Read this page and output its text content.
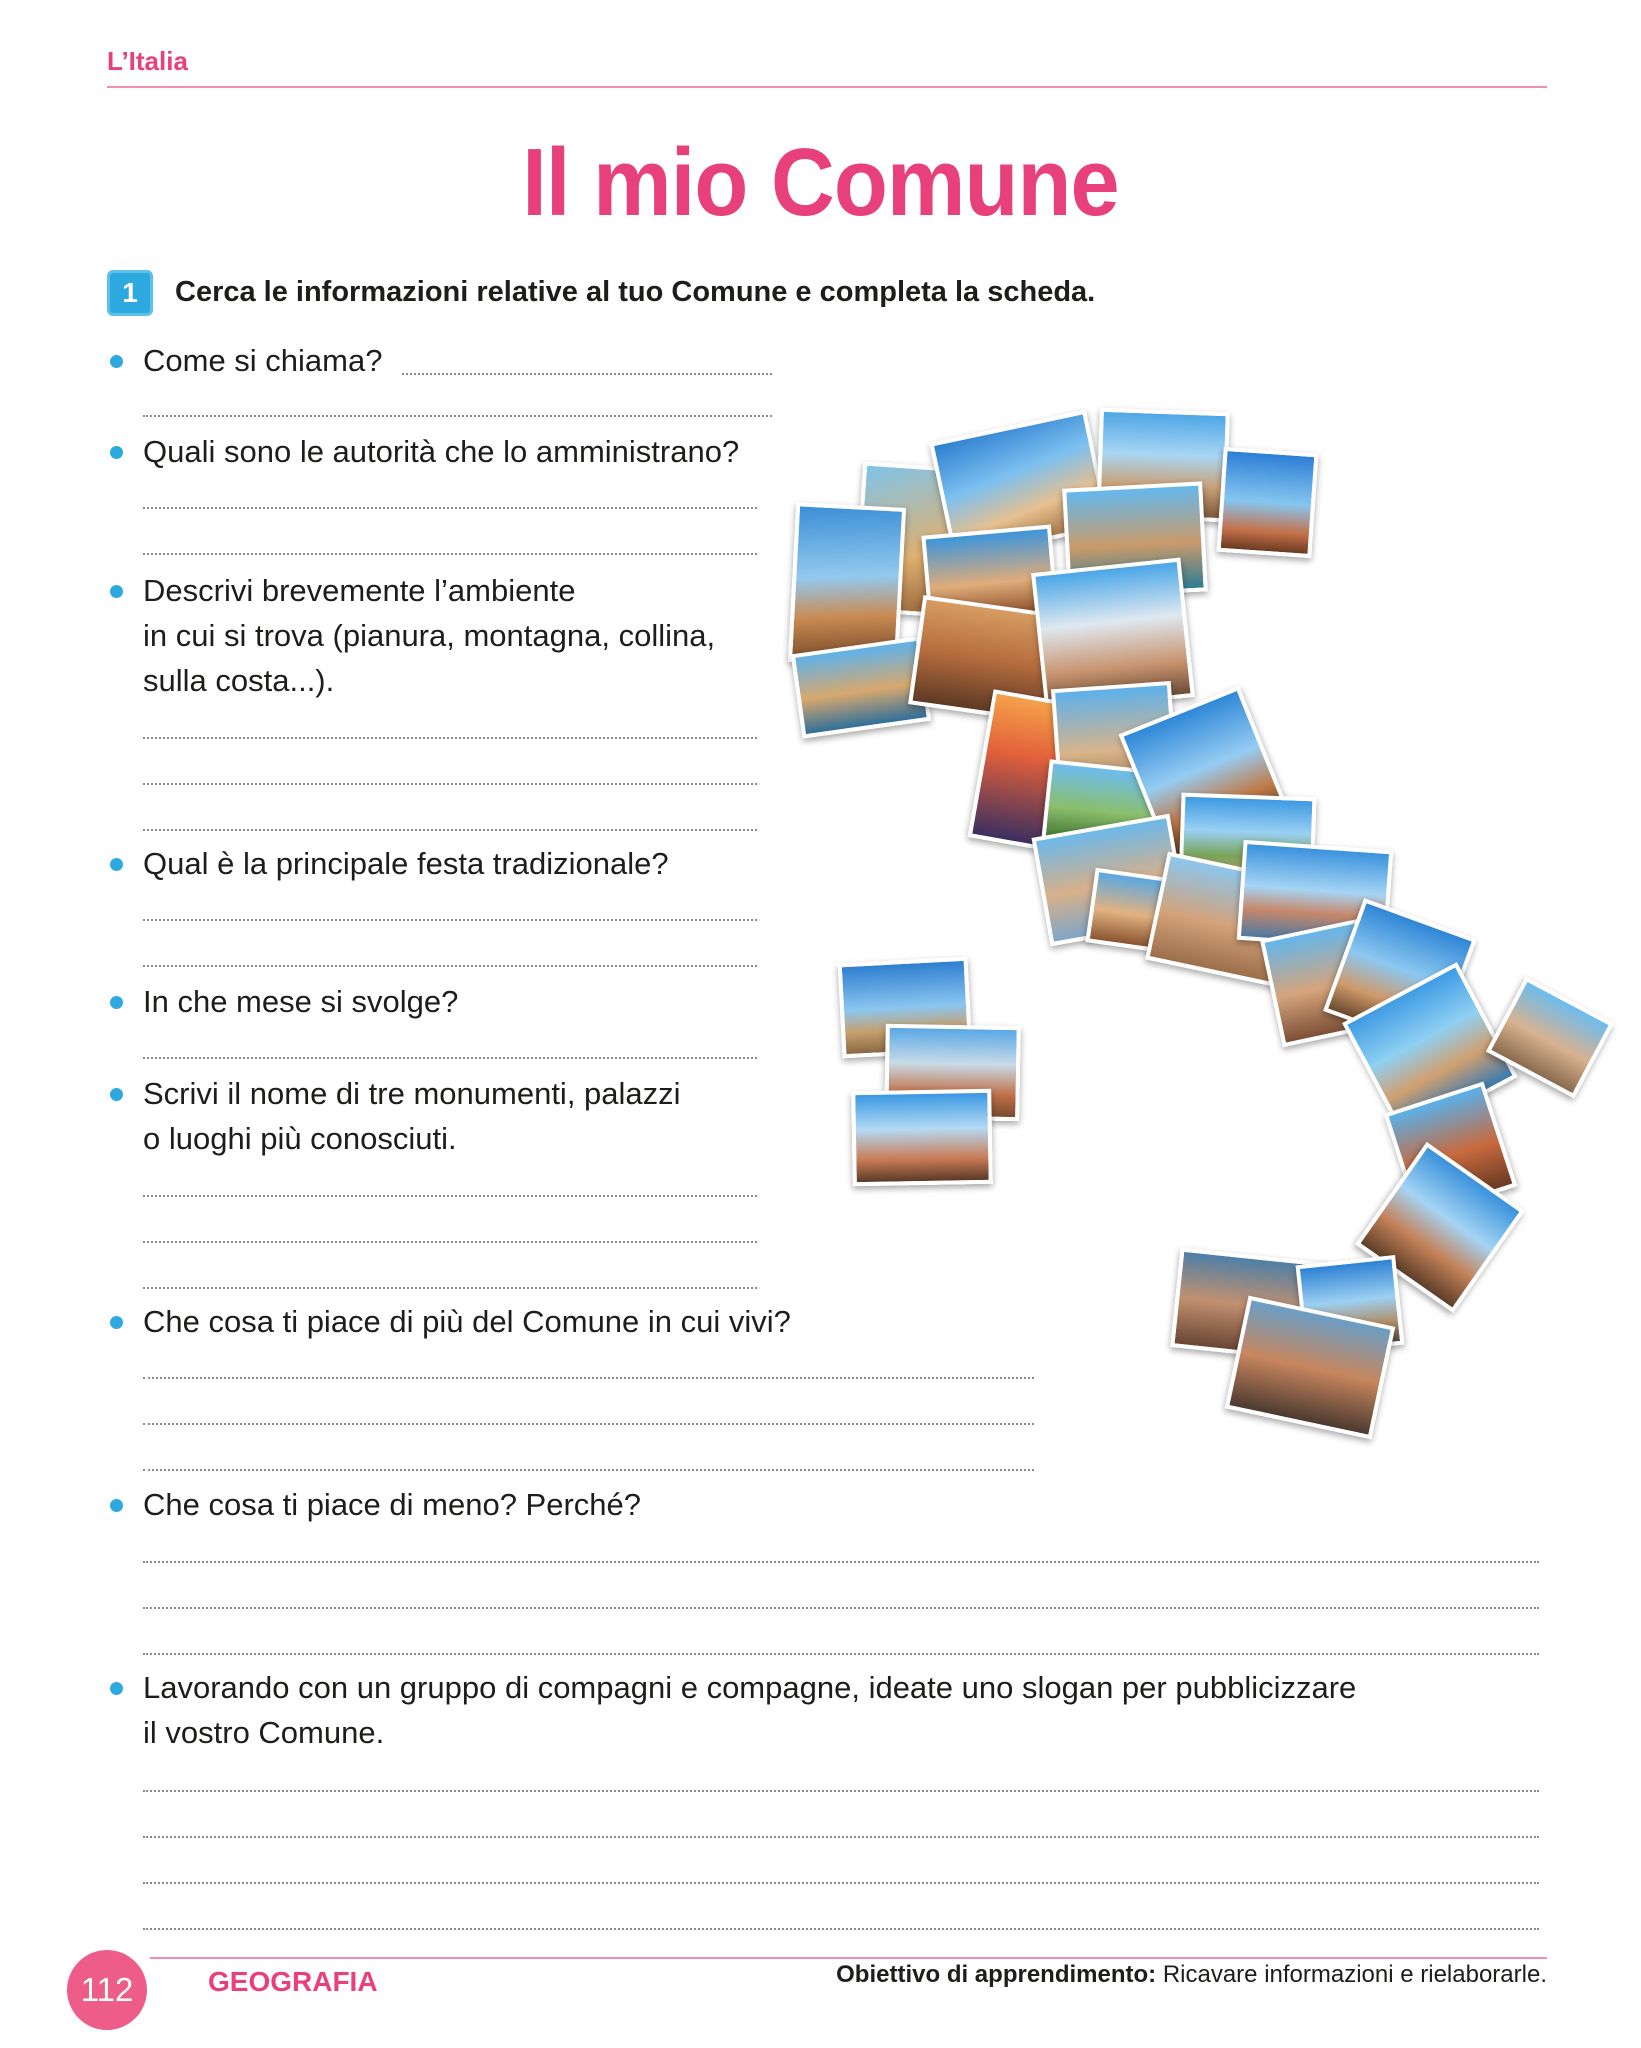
L’Italia
Il mio Comune
1	Cerca le informazioni relative al tuo Comune e completa la scheda.
Come si chiama?
Quali sono le autorità che lo amministrano?
Descrivi brevemente l’ambiente
in cui si trova (pianura, montagna, collina,
sulla costa...).
Qual è la principale festa tradizionale?
In che mese si svolge?
Scrivi il nome di tre monumenti, palazzi
o luoghi più conosciuti.
Che cosa ti piace di più del Comune in cui vivi?
Che cosa ti piace di meno? Perché?
Lavorando con un gruppo di compagni e compagne, ideate uno slogan per pubblicizzare
il vostro Comune.
112	GEOGRAFIA	Obiettivo di apprendimento: Ricavare informazioni e rielaborarle.
